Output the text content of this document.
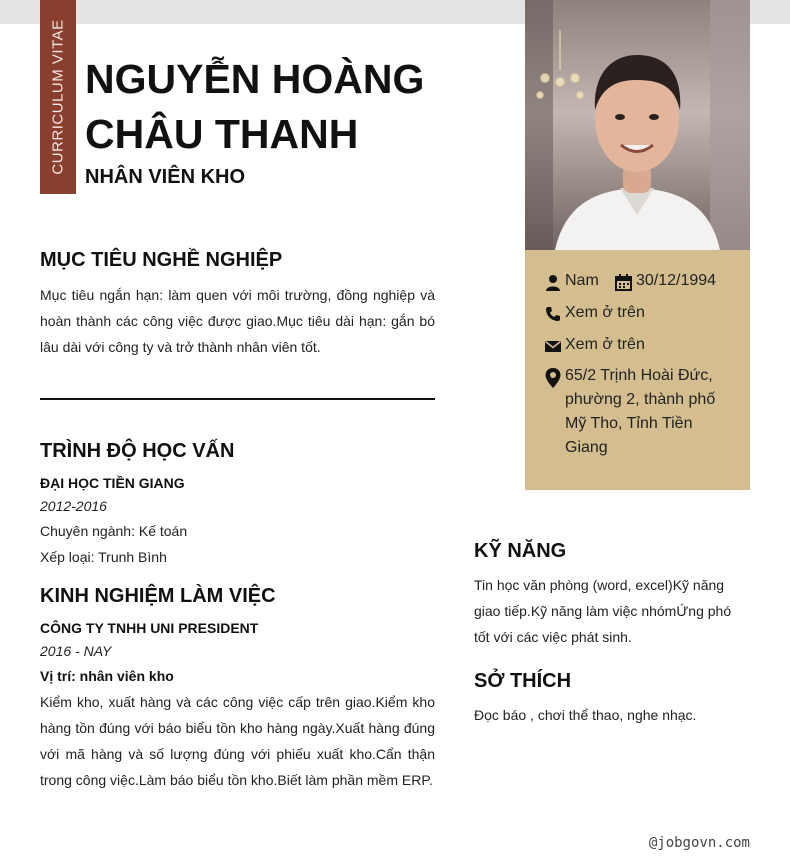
CURRICULUM VITAE NGUYỄN HOÀNG
CHÂU THANH
NHÂN VIÊN KHO
Nam 30/12/1994
Xem ở trên
Xem ở trên
65/2 Trịnh Hoài Đức, phường 2, thành phố Mỹ Tho, Tỉnh Tiền Giang
MỤC TIÊU NGHỀ NGHIỆP
Mục tiêu ngắn hạn: làm quen với môi trường, đồng nghiệp và hoàn thành các công việc được giao.Mục tiêu dài hạn: gắn bó lâu dài với công ty và trở thành nhân viên tốt.
TRÌNH ĐỘ HỌC VẤN
ĐẠI HỌC TIỀN GIANG
2012-2016
Chuyên ngành: Kế toán
Xếp loại: Trunh Bình
KINH NGHIỆM LÀM VIỆC
CÔNG TY TNHH UNI PRESIDENT
2016 - NAY
Vị trí: nhân viên kho
Kiểm kho, xuất hàng và các công việc cấp trên giao.Kiểm kho hàng tồn đúng với báo biểu tồn kho hàng ngày.Xuất hàng đúng với mã hàng và số lượng đúng với phiếu xuất kho.Cẩn thận trong công việc.Làm báo biểu tồn kho.Biết làm phần mềm ERP.
KỸ NĂNG
Tin học văn phòng (word, excel)Kỹ năng giao tiếp.Kỹ năng làm việc nhómỨng phó tốt với các việc phát sinh.
SỞ THÍCH
Đọc báo , chơi thể thao, nghe nhạc.
@jobgovn.com
